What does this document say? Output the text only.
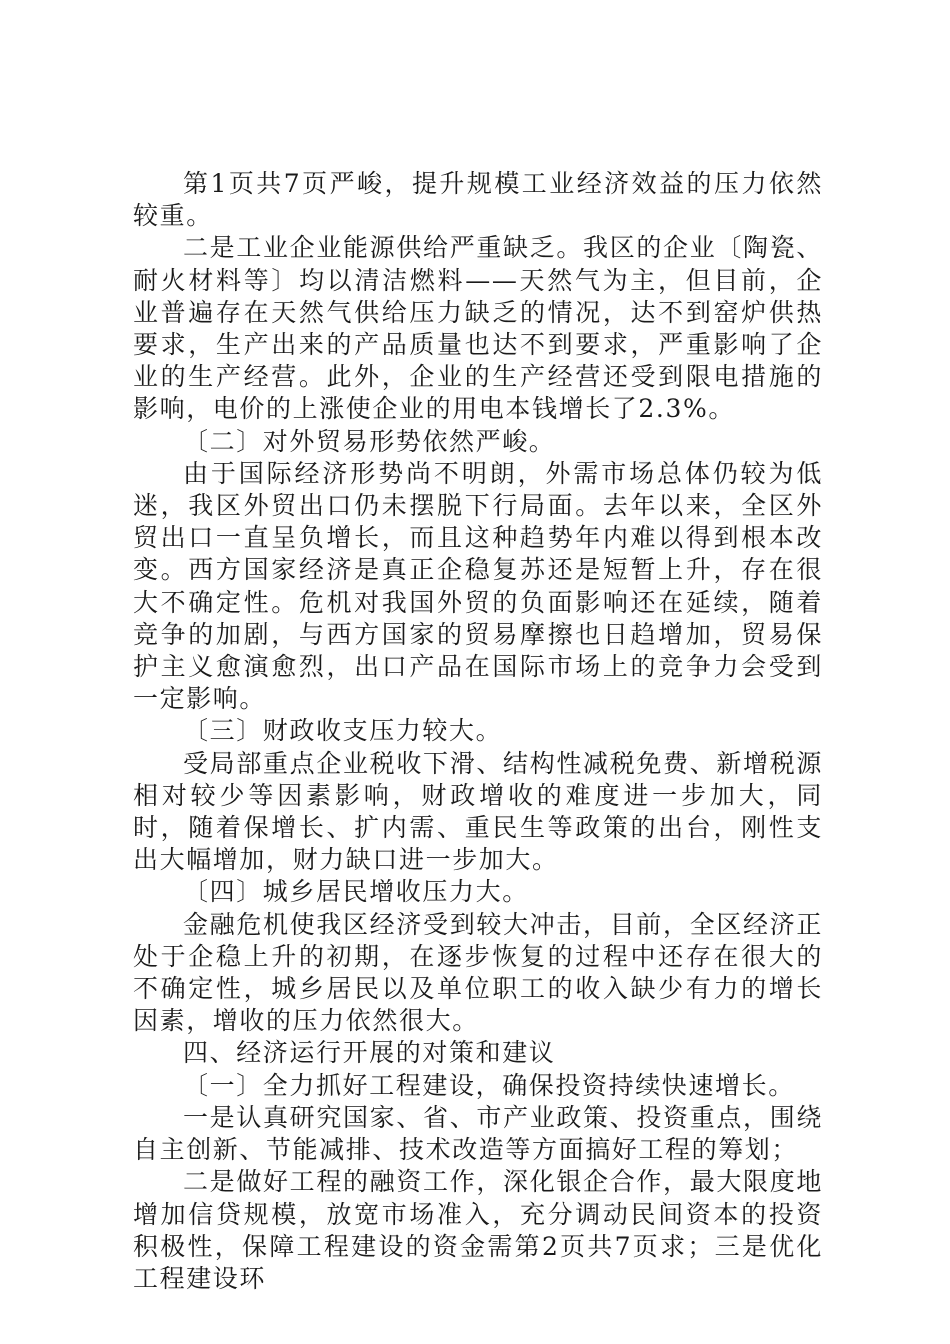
第1页共7页严峻，提升规模工业经济效益的压力依然较重。

二是工业企业能源供给严重缺乏。我区的企业〔陶瓷、耐火材料等〕均以清洁燃料——天然气为主，但目前，企业普遍存在天然气供给压力缺乏的情况，达不到窑炉供热要求，生产出来的产品质量也达不到要求，严重影响了企业的生产经营。此外，企业的生产经营还受到限电措施的影响，电价的上涨使企业的用电本钱增长了2.3%。

〔二〕对外贸易形势依然严峻。

由于国际经济形势尚不明朗，外需市场总体仍较为低迷，我区外贸出口仍未摆脱下行局面。去年以来，全区外贸出口一直呈负增长，而且这种趋势年内难以得到根本改变。西方国家经济是真正企稳复苏还是短暂上升，存在很大不确定性。危机对我国外贸的负面影响还在延续，随着竞争的加剧，与西方国家的贸易摩擦也日趋增加，贸易保护主义愈演愈烈，出口产品在国际市场上的竞争力会受到一定影响。

〔三〕财政收支压力较大。

受局部重点企业税收下滑、结构性减税免费、新增税源相对较少等因素影响，财政增收的难度进一步加大，同时，随着保增长、扩内需、重民生等政策的出台，刚性支出大幅增加，财力缺口进一步加大。

〔四〕城乡居民增收压力大。

金融危机使我区经济受到较大冲击，目前，全区经济正处于企稳上升的初期，在逐步恢复的过程中还存在很大的不确定性，城乡居民以及单位职工的收入缺少有力的增长因素，增收的压力依然很大。

四、经济运行开展的对策和建议

〔一〕全力抓好工程建设，确保投资持续快速增长。

一是认真研究国家、省、市产业政策、投资重点，围绕自主创新、节能减排、技术改造等方面搞好工程的筹划；

二是做好工程的融资工作，深化银企合作，最大限度地增加信贷规模，放宽市场准入，充分调动民间资本的投资积极性，保障工程建设的资金需第2页共7页求；三是优化工程建设环
